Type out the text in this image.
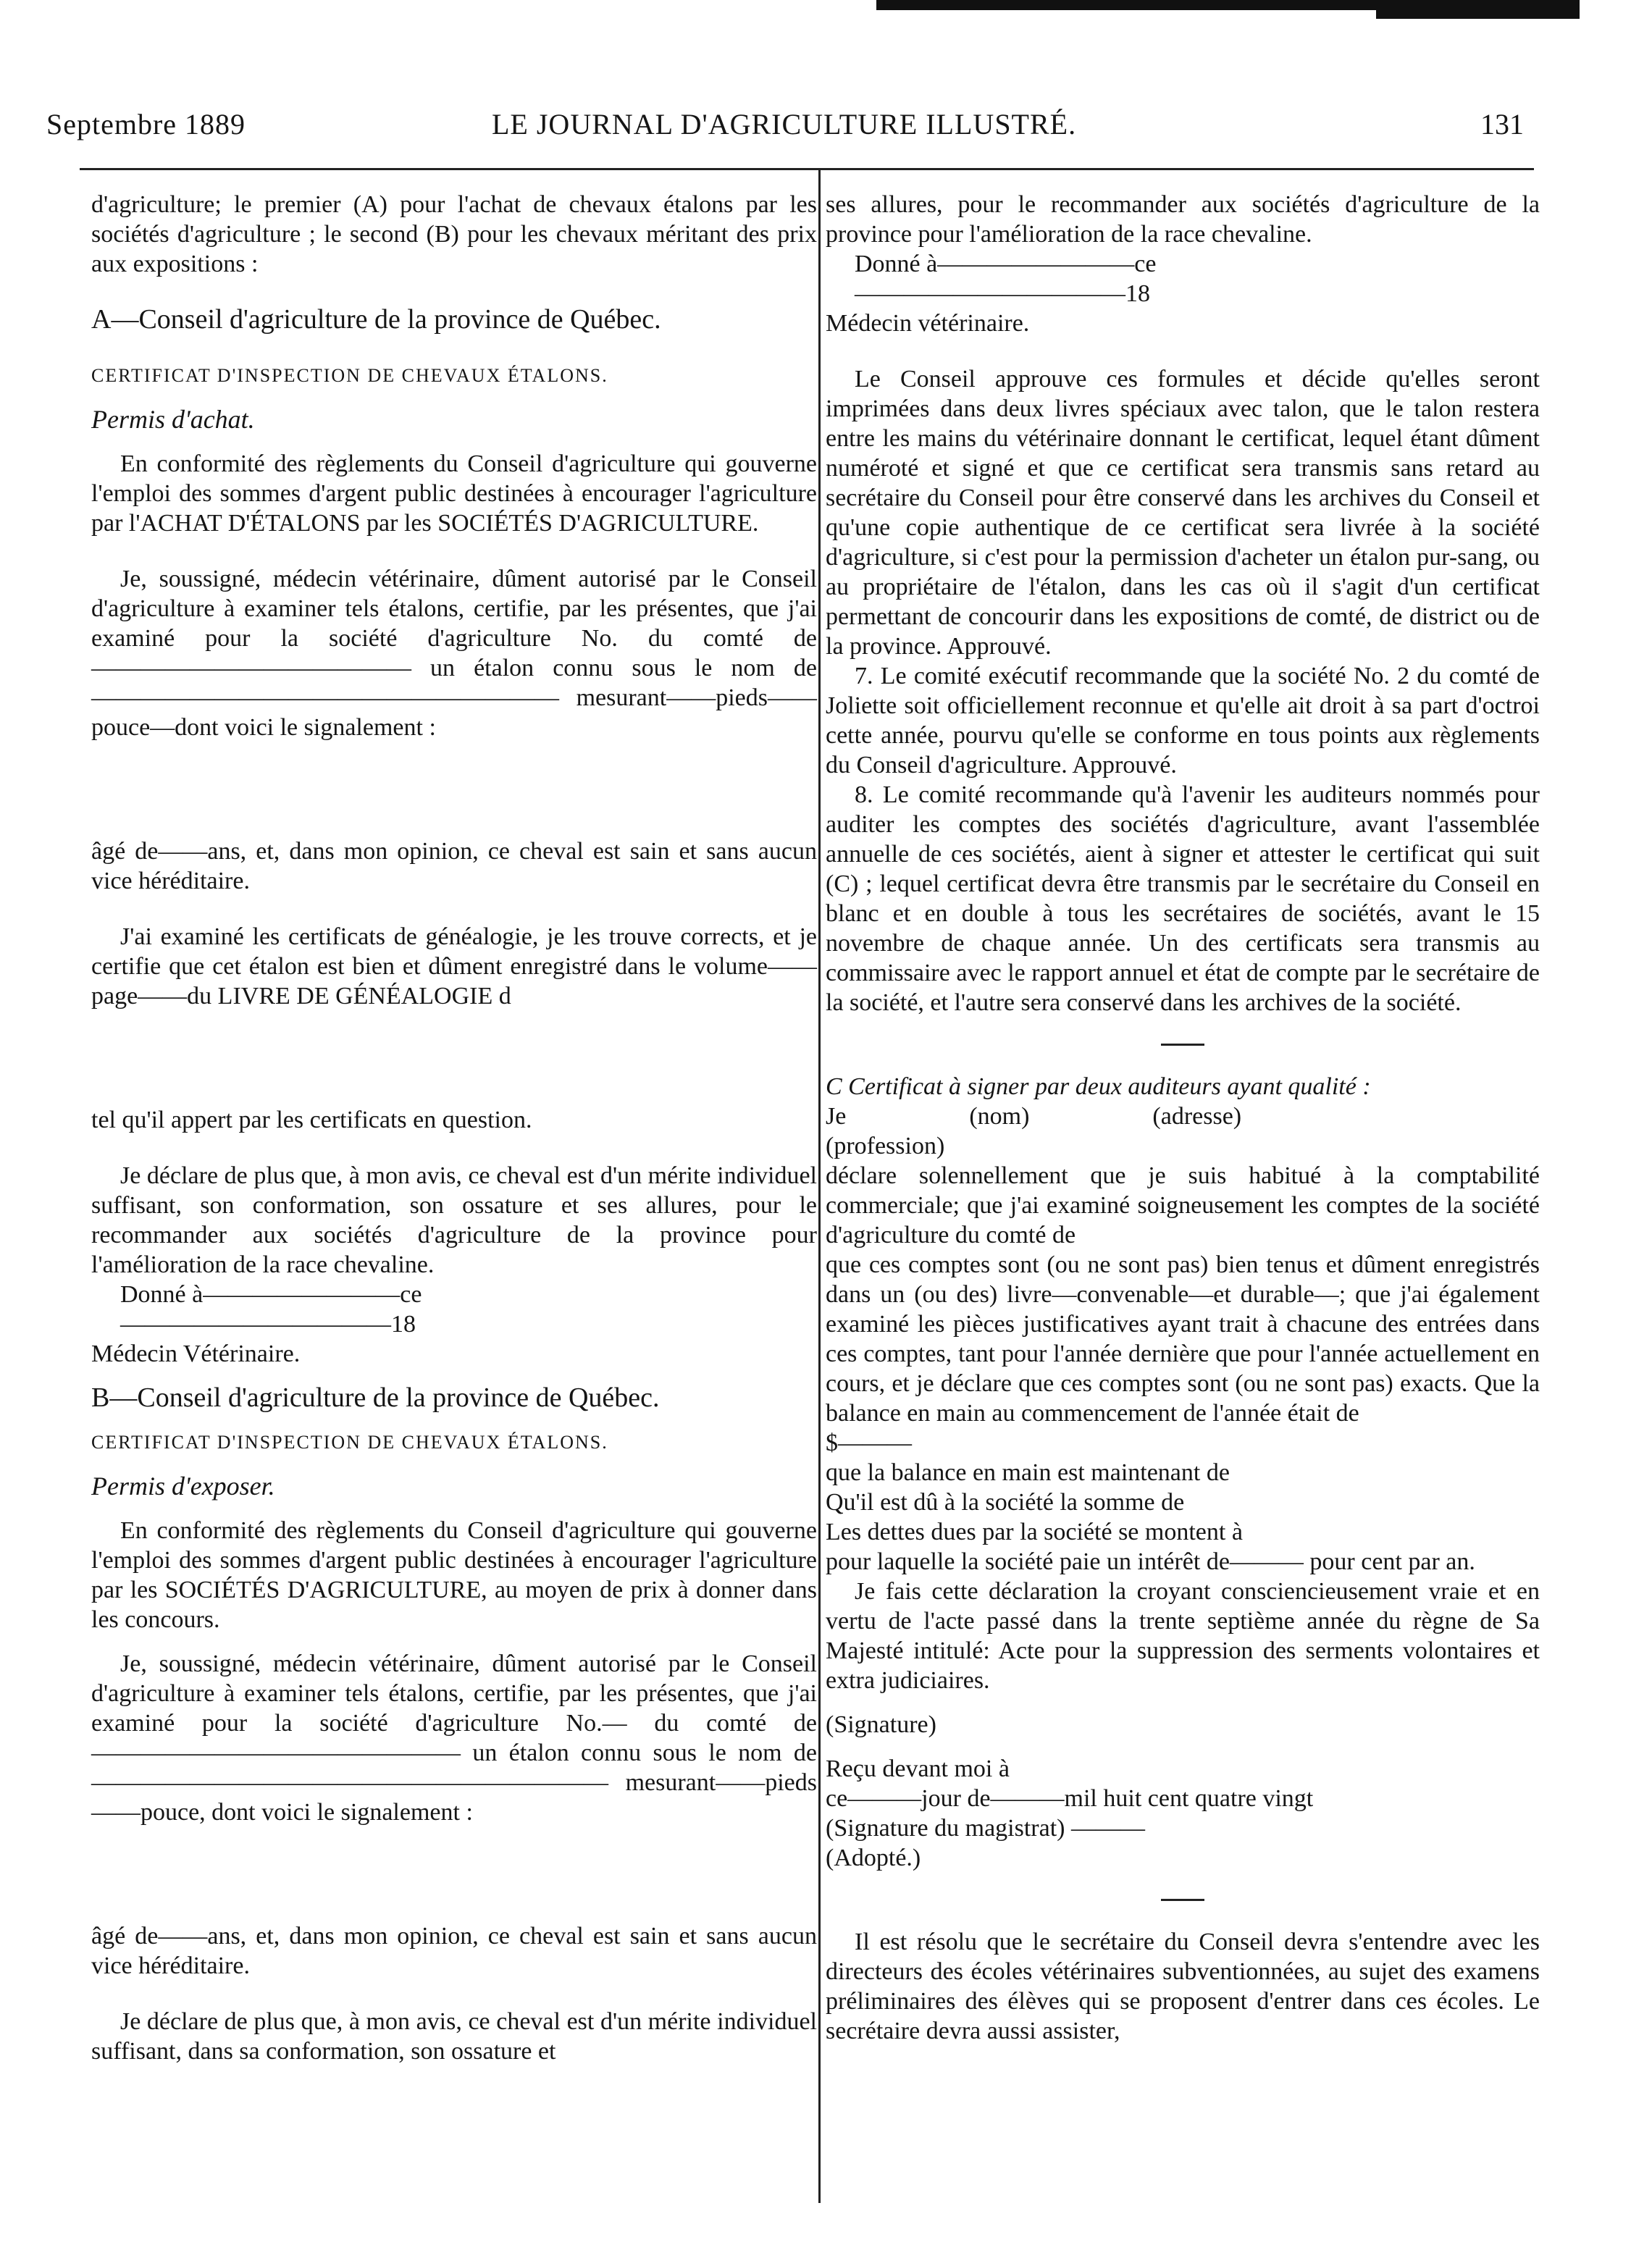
Septembre 1889	LE JOURNAL D'AGRICULTURE ILLUSTRÉ.	131

d'agriculture; le premier (A) pour l'achat de chevaux étalons par les sociétés d'agriculture ; le second (B) pour les chevaux méritant des prix aux expositions :

A—Conseil d'agriculture de la province de Québec.

CERTIFICAT D'INSPECTION DE CHEVAUX ÉTALONS.

Permis d'achat.

En conformité des règlements du Conseil d'agriculture qui gouverne l'emploi des sommes d'argent public destinées à encourager l'agriculture par l'ACHAT D'ÉTALONS par les SOCIÉTÉS D'AGRICULTURE.

Je, soussigné, médecin vétérinaire, dûment autorisé par le Conseil d'agriculture à examiner tels étalons, certifie, par les présentes, que j'ai examiné pour la société d'agriculture No. du comté de————————————— un étalon connu sous le nom de——————————————————— mesurant——pieds——pouce—dont voici le signalement :

âgé de——ans, et, dans mon opinion, ce cheval est sain et sans aucun vice héréditaire.

J'ai examiné les certificats de généalogie, je les trouve corrects, et je certifie que cet étalon est bien et dûment enregistré dans le volume——page——du LIVRE DE GÉNÉALOGIE d

tel qu'il appert par les certificats en question.

Je déclare de plus que, à mon avis, ce cheval est d'un mérite individuel suffisant, son conformation, son ossature et ses allures, pour le recommander aux sociétés d'agriculture de la province pour l'amélioration de la race chevaline.

Donné à————————ce

———————————18

Médecin Vétérinaire.

B—Conseil d'agriculture de la province de Québec.

CERTIFICAT D'INSPECTION DE CHEVAUX ÉTALONS.

Permis d'exposer.

En conformité des règlements du Conseil d'agriculture qui gouverne l'emploi des sommes d'argent public destinées à encourager l'agriculture par les SOCIÉTÉS D'AGRICULTURE, au moyen de prix à donner dans les concours.

Je, soussigné, médecin vétérinaire, dûment autorisé par le Conseil d'agriculture à examiner tels étalons, certifie, par les présentes, que j'ai examiné pour la société d'agriculture No.— du comté de——————————————— un étalon connu sous le nom de————————————————————— mesurant——pieds——pouce, dont voici le signalement :

âgé de——ans, et, dans mon opinion, ce cheval est sain et sans aucun vice héréditaire.

Je déclare de plus que, à mon avis, ce cheval est d'un mérite individuel suffisant, dans sa conformation, son ossature et

ses allures, pour le recommander aux sociétés d'agriculture de la province pour l'amélioration de la race chevaline.

Donné à————————ce

———————————18

Médecin vétérinaire.

Le Conseil approuve ces formules et décide qu'elles seront imprimées dans deux livres spéciaux avec talon, que le talon restera entre les mains du vétérinaire donnant le certificat, lequel étant dûment numéroté et signé et que ce certificat sera transmis sans retard au secrétaire du Conseil pour être conservé dans les archives du Conseil et qu'une copie authentique de ce certificat sera livrée à la société d'agriculture, si c'est pour la permission d'acheter un étalon pur-sang, ou au propriétaire de l'étalon, dans les cas où il s'agit d'un certificat permettant de concourir dans les expositions de comté, de district ou de la province. Approuvé.

7. Le comité exécutif recommande que la société No. 2 du comté de Joliette soit officiellement reconnue et qu'elle ait droit à sa part d'octroi cette année, pourvu qu'elle se conforme en tous points aux règlements du Conseil d'agriculture. Approuvé.

8. Le comité recommande qu'à l'avenir les auditeurs nommés pour auditer les comptes des sociétés d'agriculture, avant l'assemblée annuelle de ces sociétés, aient à signer et attester le certificat qui suit (C) ; lequel certificat devra être transmis par le secrétaire du Conseil en blanc et en double à tous les secrétaires de sociétés, avant le 15 novembre de chaque année. Un des certificats sera transmis au commissaire avec le rapport annuel et état de compte par le secrétaire de la société, et l'autre sera conservé dans les archives de la société.

C Certificat à signer par deux auditeurs ayant qualité :

Je                    (nom)                    (adresse)

(profession)

déclare solennellement que je suis habitué à la comptabilité commerciale; que j'ai examiné soigneusement les comptes de la société d'agriculture du comté de

que ces comptes sont (ou ne sont pas) bien tenus et dûment enregistrés dans un (ou des) livre—convenable—et durable—; que j'ai également examiné les pièces justificatives ayant trait à chacune des entrées dans ces comptes, tant pour l'année dernière que pour l'année actuellement en cours, et je déclare que ces comptes sont (ou ne sont pas) exacts. Que la balance en main au commencement de l'année était de

$———

que la balance en main est maintenant de

Qu'il est dû à la société la somme de

Les dettes dues par la société se montent à

pour laquelle la société paie un intérêt de——— pour cent par an.

Je fais cette déclaration la croyant consciencieusement vraie et en vertu de l'acte passé dans la trente septième année du règne de Sa Majesté intitulé: Acte pour la suppression des serments volontaires et extra judiciaires.

(Signature)

Reçu devant moi à

ce———jour de———mil huit cent quatre vingt

(Signature du magistrat) ———

(Adopté.)

Il est résolu que le secrétaire du Conseil devra s'entendre avec les directeurs des écoles vétérinaires subventionnées, au sujet des examens préliminaires des élèves qui se proposent d'entrer dans ces écoles. Le secrétaire devra aussi assister,
